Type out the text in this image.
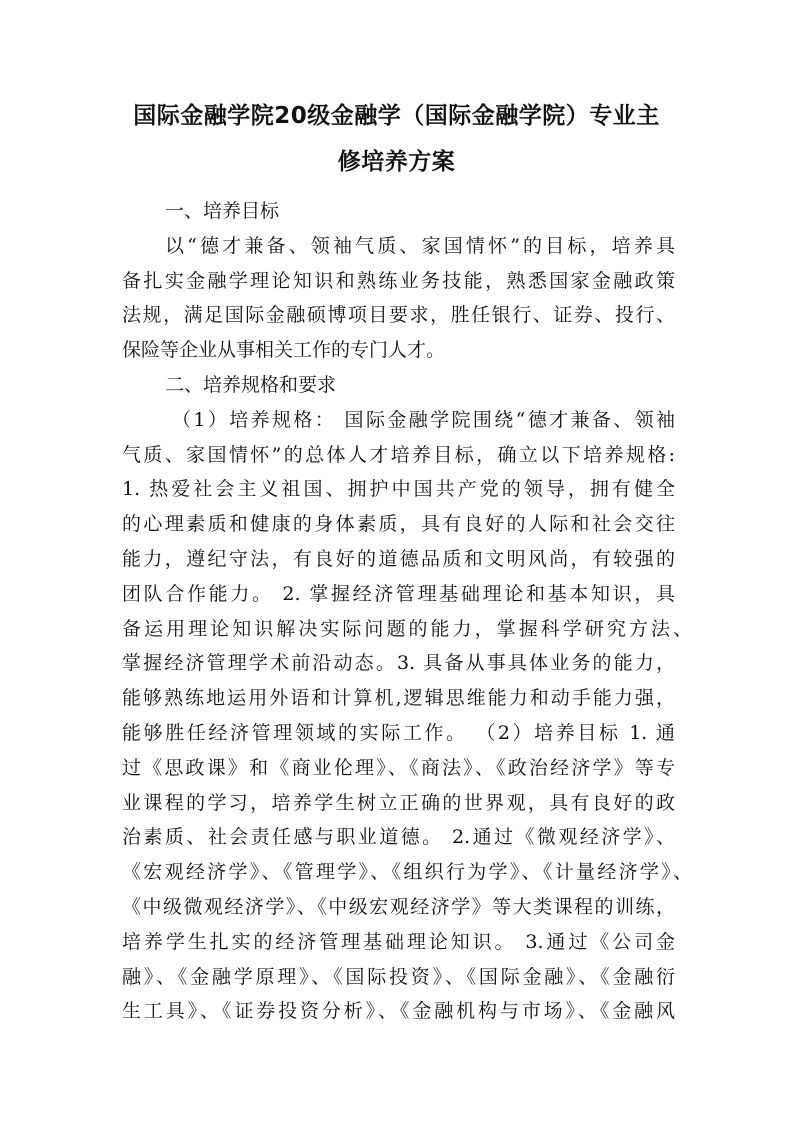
国际金融学院20级金融学（国际金融学院）专业主
修培养方案
一、培养目标
以“德才兼备、领袖气质、家国情怀”的目标，培养具
备扎实金融学理论知识和熟练业务技能，熟悉国家金融政策
法规，满足国际金融硕博项目要求，胜任银行、证券、投行、
保险等企业从事相关工作的专门人才。
二、培养规格和要求
（1）培养规格： 国际金融学院围绕“德才兼备、领袖
气质、家国情怀”的总体人才培养目标，确立以下培养规格:
1. 热爱社会主义祖国、拥护中国共产党的领导，拥有健全
的心理素质和健康的身体素质，具有良好的人际和社会交往
能力，遵纪守法，有良好的道德品质和文明风尚，有较强的
团队合作能力。 2. 掌握经济管理基础理论和基本知识，具
备运用理论知识解决实际问题的能力，掌握科学研究方法、
掌握经济管理学术前沿动态。3. 具备从事具体业务的能力，
能够熟练地运用外语和计算机,逻辑思维能力和动手能力强，
能够胜任经济管理领域的实际工作。 （2）培养目标 1. 通
过《思政课》和《商业伦理》、《商法》、《政治经济学》等专
业课程的学习，培养学生树立正确的世界观，具有良好的政
治素质、社会责任感与职业道德。 2.通过《微观经济学》、
《宏观经济学》、《管理学》、《组织行为学》、《计量经济学》、
《中级微观经济学》、《中级宏观经济学》等大类课程的训练，
培养学生扎实的经济管理基础理论知识。 3.通过《公司金
融》、《金融学原理》、《国际投资》、《国际金融》、《金融衍
生工具》、《证券投资分析》、《金融机构与市场》、《金融风
